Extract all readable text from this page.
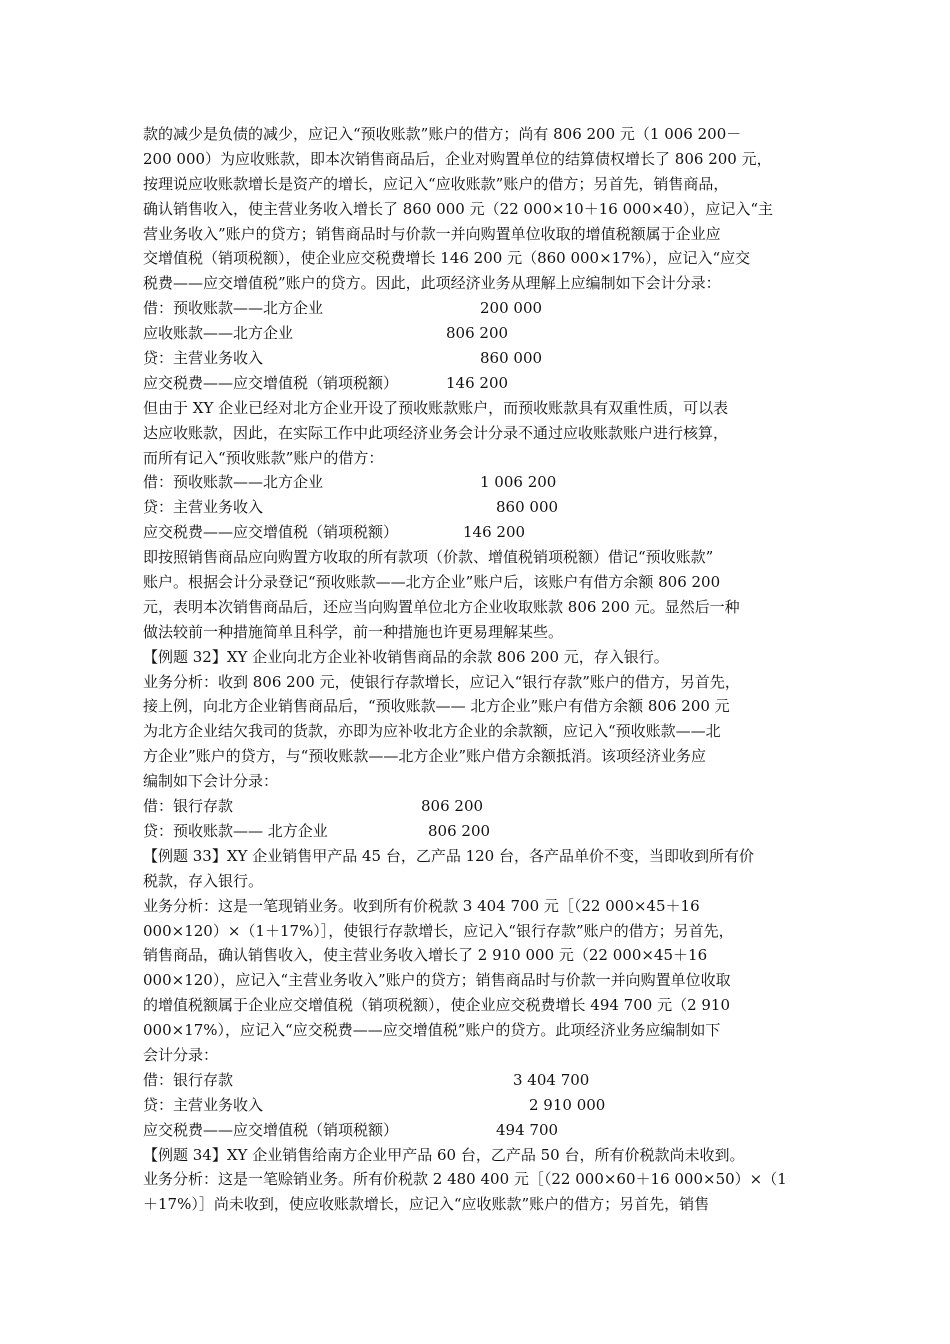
款的减少是负债的减少，应记入“预收账款”账户的借方；尚有 806 200 元（1 006 200－
200 000）为应收账款，即本次销售商品后，企业对购置单位的结算债权增长了 806 200 元，
按理说应收账款增长是资产的增长，应记入“应收账款”账户的借方；另首先，销售商品，
确认销售收入，使主营业务收入增长了 860 000 元（22 000×10＋16 000×40），应记入“主
营业务收入”账户的贷方；销售商品时与价款一并向购置单位收取的增值税额属于企业应
交增值税（销项税额），使企业应交税费增长 146 200 元（860 000×17%），应记入“应交
税费——应交增值税”账户的贷方。因此，此项经济业务从理解上应编制如下会计分录：
借：预收账款——北方企业	200 000
应收账款——北方企业	806 200
贷：主营业务收入	860 000
应交税费——应交增值税（销项税额）	146 200
但由于 XY 企业已经对北方企业开设了预收账款账户，而预收账款具有双重性质，可以表
达应收账款，因此，在实际工作中此项经济业务会计分录不通过应收账款账户进行核算，
而所有记入“预收账款”账户的借方：
借：预收账款——北方企业	1 006 200
贷：主营业务收入	860 000
应交税费——应交增值税（销项税额）	146 200
即按照销售商品应向购置方收取的所有款项（价款、增值税销项税额）借记“预收账款”
账户。根据会计分录登记“预收账款——北方企业”账户后，该账户有借方余额 806 200
元，表明本次销售商品后，还应当向购置单位北方企业收取账款 806 200 元。显然后一种
做法较前一种措施简单且科学，前一种措施也许更易理解某些。
【例题 32】XY 企业向北方企业补收销售商品的余款 806 200 元，存入银行。
业务分析：收到 806 200 元，使银行存款增长，应记入“银行存款”账户的借方，另首先，
接上例，向北方企业销售商品后，“预收账款—— 北方企业”账户有借方余额 806 200 元
为北方企业结欠我司的货款，亦即为应补收北方企业的余款额，应记入“预收账款——北
方企业”账户的贷方，与“预收账款——北方企业”账户借方余额抵消。该项经济业务应
编制如下会计分录：
借：银行存款	806 200
贷：预收账款—— 北方企业	806 200
【例题 33】XY 企业销售甲产品 45 台，乙产品 120 台，各产品单价不变，当即收到所有价
税款，存入银行。
业务分析：这是一笔现销业务。收到所有价税款 3 404 700 元［（22 000×45＋16
000×120）×（1＋17%）］，使银行存款增长，应记入“银行存款”账户的借方；另首先，
销售商品，确认销售收入，使主营业务收入增长了 2 910 000 元（22 000×45＋16
000×120），应记入“主营业务收入”账户的贷方；销售商品时与价款一并向购置单位收取
的增值税额属于企业应交增值税（销项税额），使企业应交税费增长 494 700 元（2 910
000×17%），应记入“应交税费——应交增值税”账户的贷方。此项经济业务应编制如下
会计分录：
借：银行存款	3 404 700
贷：主营业务收入	2 910 000
应交税费——应交增值税（销项税额）	494 700
【例题 34】XY 企业销售给南方企业甲产品 60 台，乙产品 50 台，所有价税款尚未收到。
业务分析：这是一笔赊销业务。所有价税款 2 480 400 元［（22 000×60＋16 000×50）×（1
＋17%）］尚未收到，使应收账款增长，应记入“应收账款”账户的借方；另首先，销售
